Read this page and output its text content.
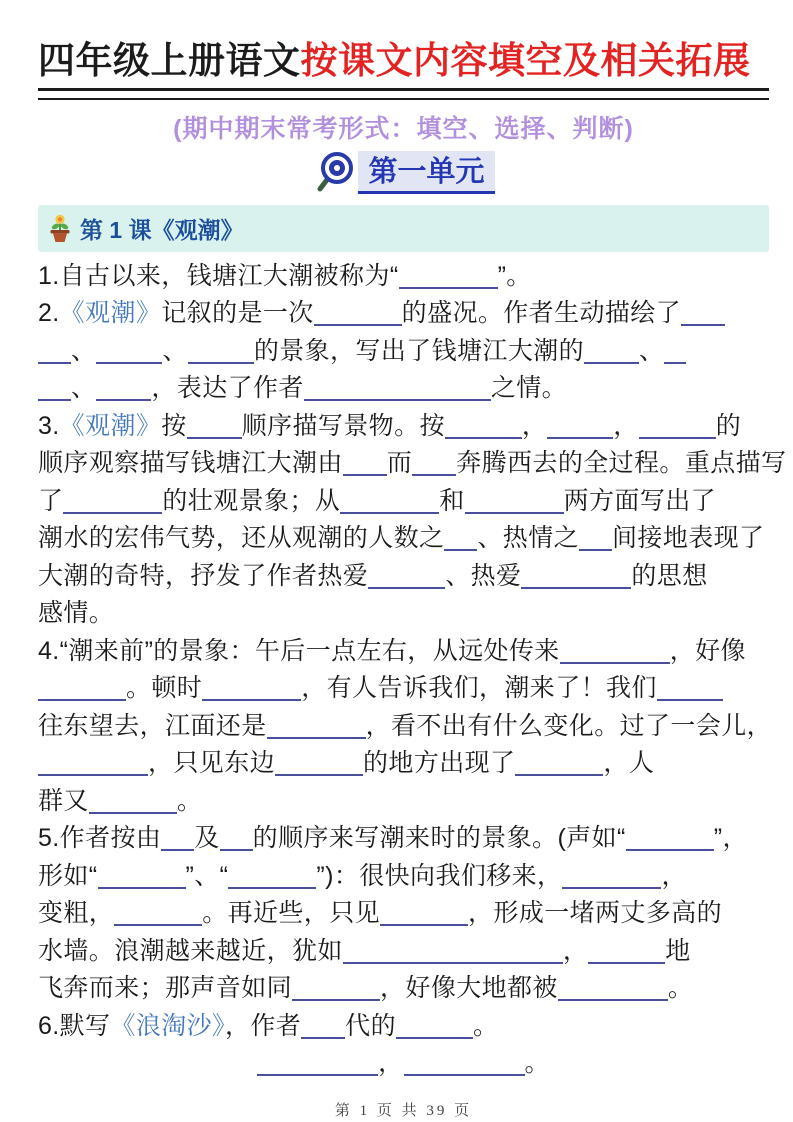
四年级上册语文按课文内容填空及相关拓展
(期中期末常考形式：填空、选择、判断)
第一单元
第 1 课《观潮》
1.自古以来，钱塘江大潮被称为“	”。
2.《观潮》记叙的是一次	的盛况。作者生动描绘了
、	、	的景象，写出了钱塘江大潮的 、
、 ，表达了作者	之情。
3.《观潮》按 顺序描写景物。按	，	，	的
顺序观察描写钱塘江大潮由 而 奔腾西去的全过程。重点描写
了	的壮观景象；从	和	两方面写出了
潮水的宏伟气势，还从观潮的人数之 、热情之 间接地表现了
大潮的奇特，抒发了作者热爱	、热爱	的思想
感情。
4.“潮来前”的景象：午后一点左右，从远处传来	，好像
。顿时	，有人告诉我们，潮来了！我们
往东望去，江面还是	，看不出有什么变化。过了一会儿，
，只见东边	的地方出现了	，人
群又	。
5.作者按由 及 的顺序来写潮来时的景象。(声如“	”，
形如“	”、“	”)：很快向我们移来，	，
变粗，	。再近些，只见	，形成一堵两丈多高的
水墙。浪潮越来越近，犹如	，	地
飞奔而来；那声音如同	，好像大地都被	。
6.默写《浪淘沙》，作者 代的	。
，	。
第 1 页 共 39 页
